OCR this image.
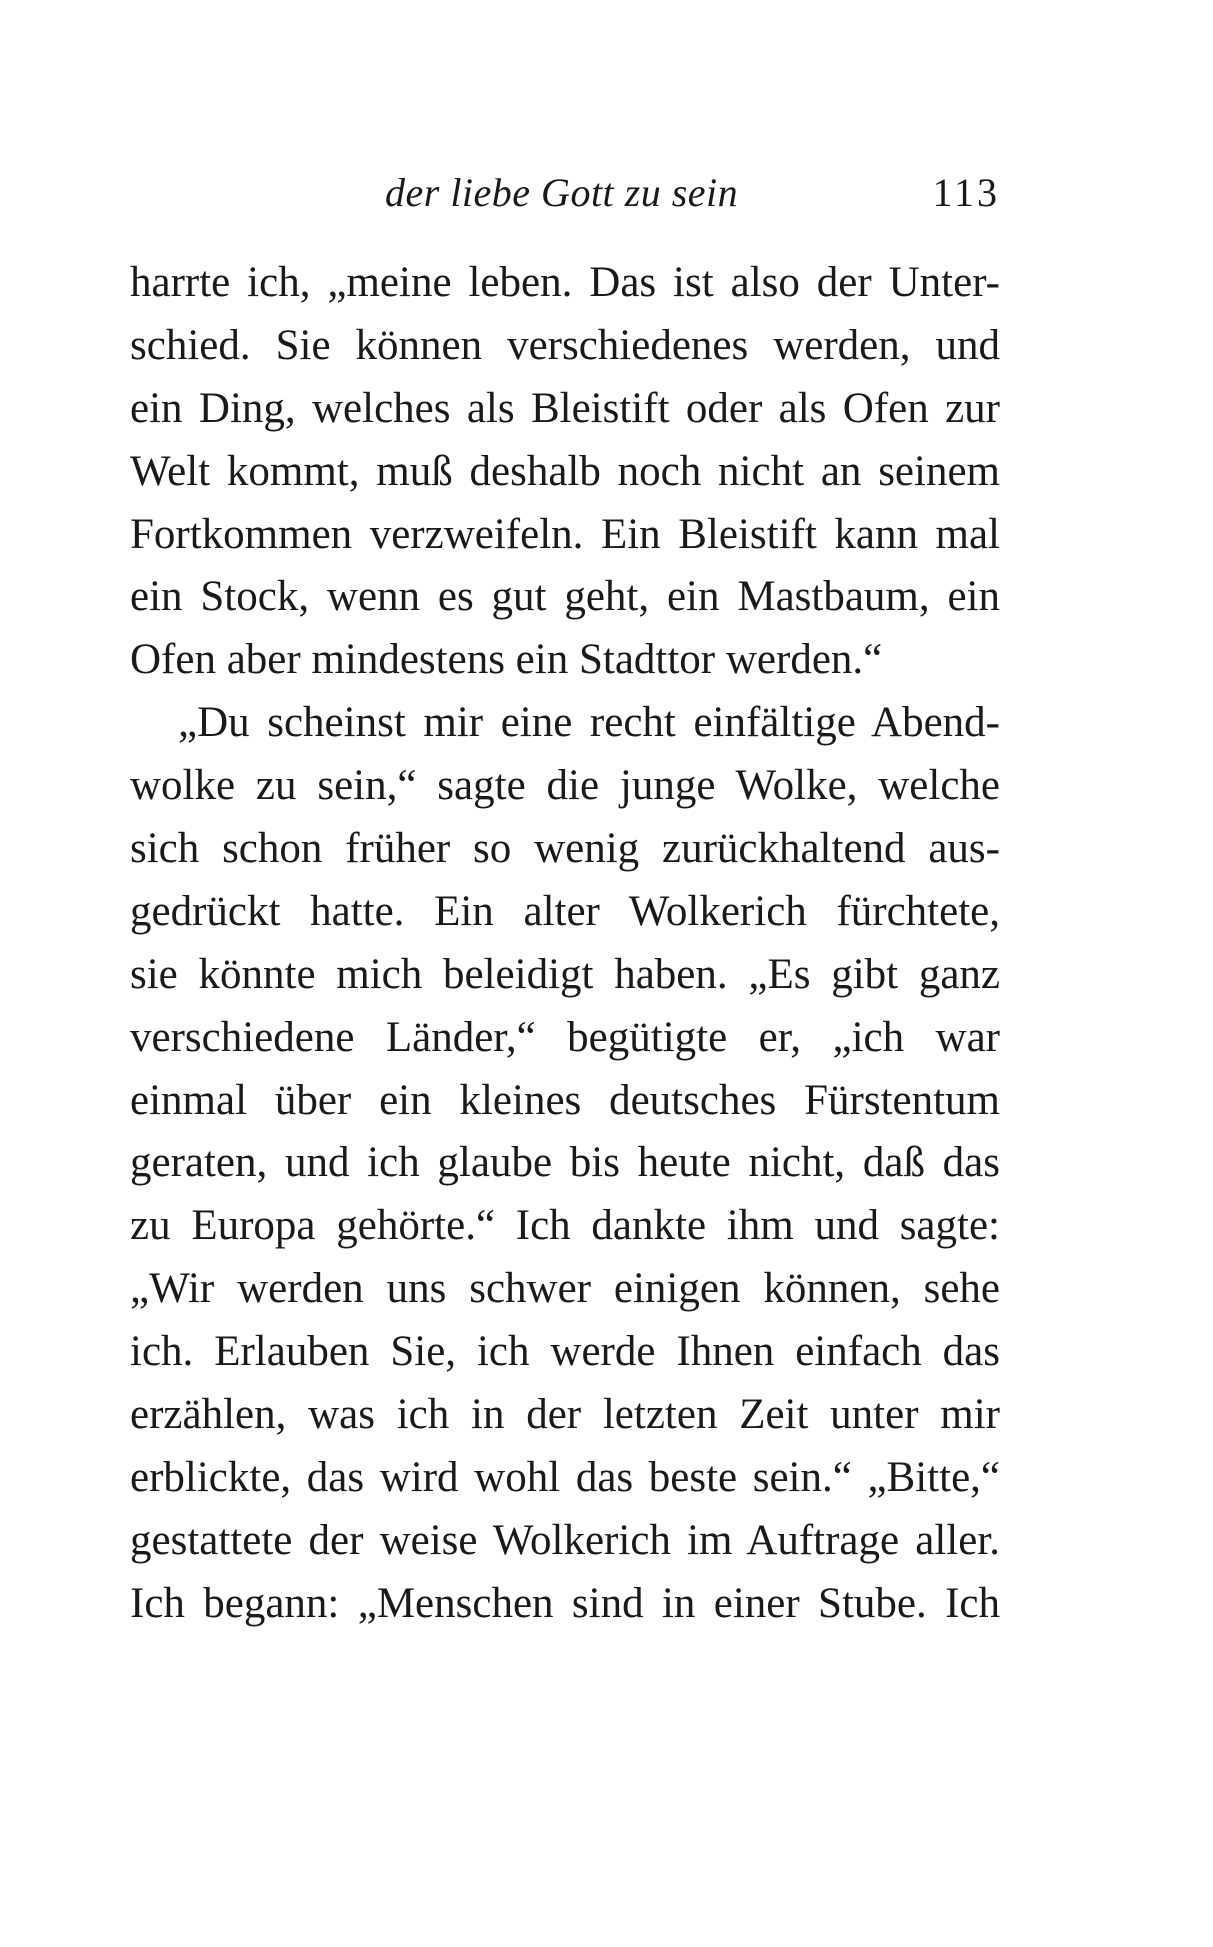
der liebe Gott zu sein	113
harrte ich, „meine leben. Das ist also der Unter-
schied. Sie können verschiedenes werden, und
ein Ding, welches als Bleistift oder als Ofen zur
Welt kommt, muß deshalb noch nicht an seinem
Fortkommen verzweifeln. Ein Bleistift kann mal
ein Stock, wenn es gut geht, ein Mastbaum, ein
Ofen aber mindestens ein Stadttor werden.“
„Du scheinst mir eine recht einfältige Abend-
wolke zu sein,“ sagte die junge Wolke, welche
sich schon früher so wenig zurückhaltend aus-
gedrückt hatte. Ein alter Wolkerich fürchtete,
sie könnte mich beleidigt haben. „Es gibt ganz
verschiedene Länder,“ begütigte er, „ich war
einmal über ein kleines deutsches Fürstentum
geraten, und ich glaube bis heute nicht, daß das
zu Europa gehörte.“ Ich dankte ihm und sagte:
„Wir werden uns schwer einigen können, sehe
ich. Erlauben Sie, ich werde Ihnen einfach das
erzählen, was ich in der letzten Zeit unter mir
erblickte, das wird wohl das beste sein.“ „Bitte,“
gestattete der weise Wolkerich im Auftrage aller.
Ich begann: „Menschen sind in einer Stube. Ich
